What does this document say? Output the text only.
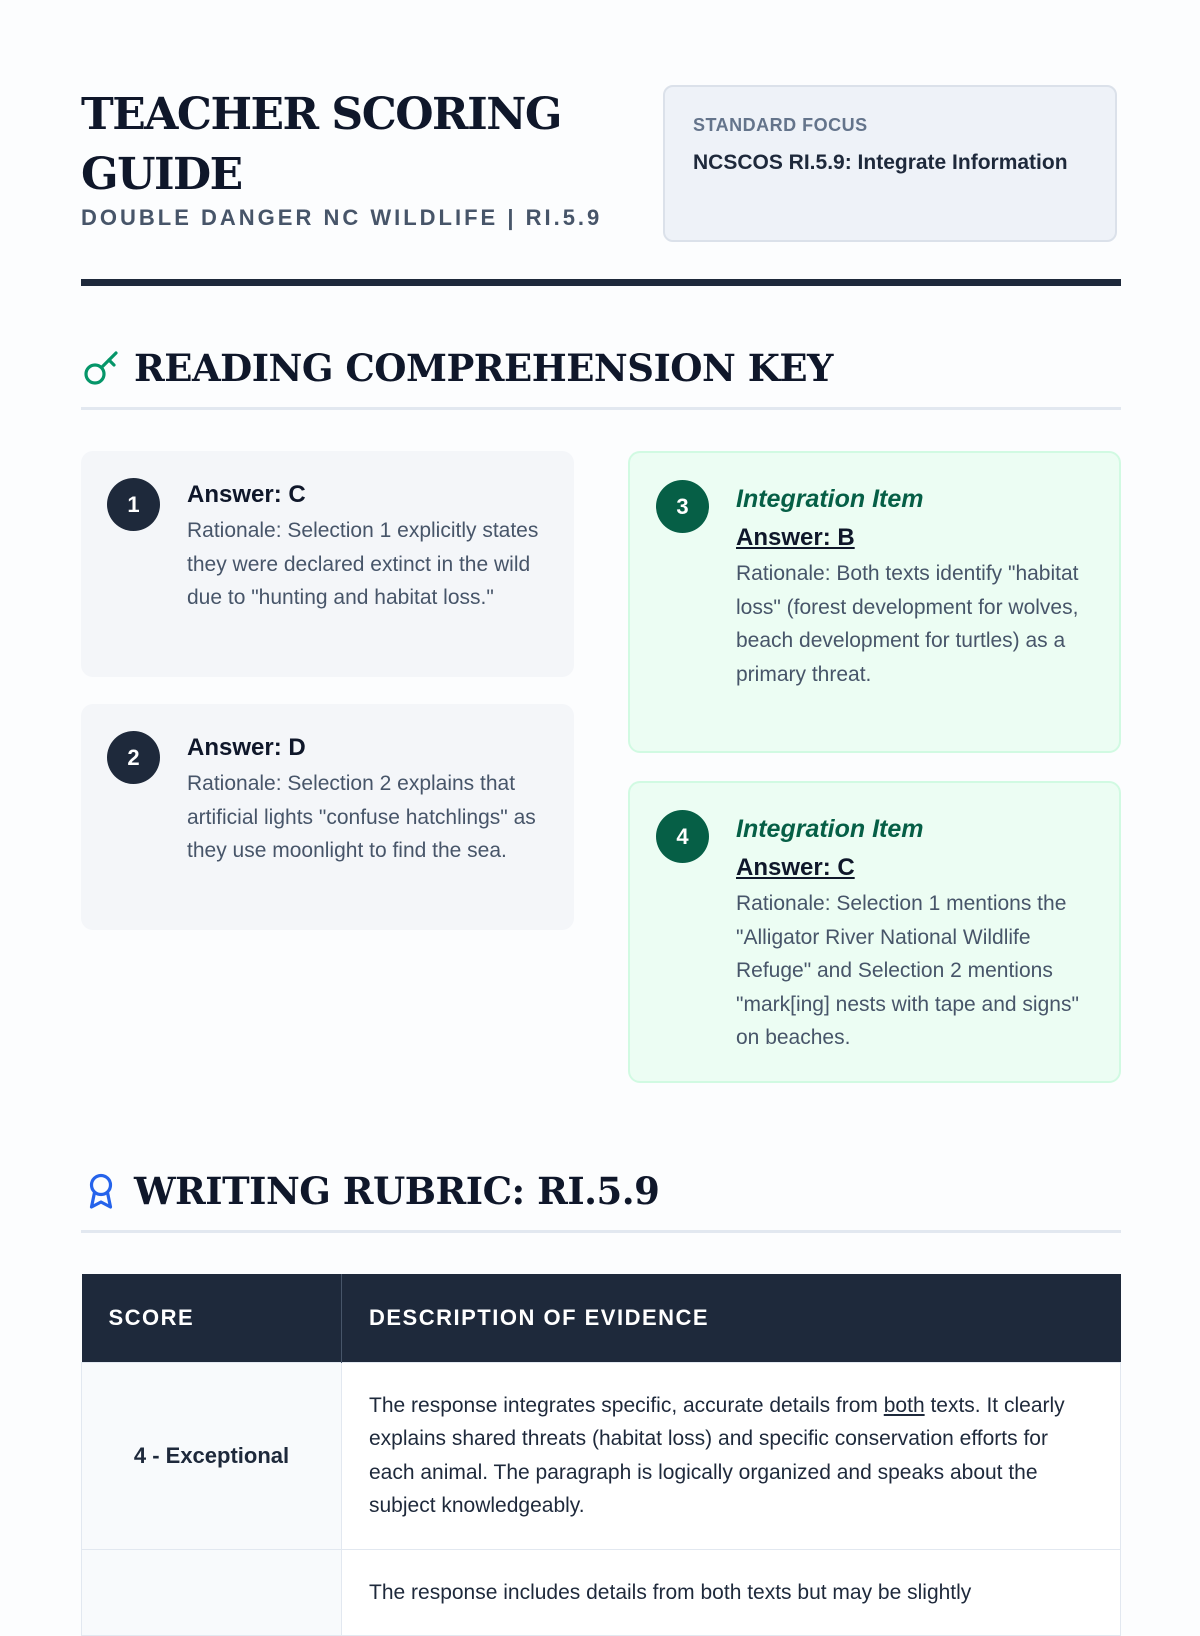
TEACHER SCORING GUIDE
DOUBLE DANGER NC WILDLIFE | RI.5.9
STANDARD FOCUS
NCSCOS RI.5.9: Integrate Information
READING COMPREHENSION KEY
1	Answer: C
Rationale: Selection 1 explicitly states they were declared extinct in the wild due to "hunting and habitat loss."
2	Answer: D
Rationale: Selection 2 explains that artificial lights "confuse hatchlings" as they use moonlight to find the sea.
3	Integration Item
Answer: B
Rationale: Both texts identify "habitat loss" (forest development for wolves, beach development for turtles) as a primary threat.
4	Integration Item
Answer: C
Rationale: Selection 1 mentions the "Alligator River National Wildlife Refuge" and Selection 2 mentions "mark[ing] nests with tape and signs" on beaches.
WRITING RUBRIC: RI.5.9
SCORE	DESCRIPTION OF EVIDENCE
4 - Exceptional	The response integrates specific, accurate details from both texts. It clearly explains shared threats (habitat loss) and specific conservation efforts for each animal. The paragraph is logically organized and speaks about the subject knowledgeably.
	The response includes details from both texts but may be slightly
